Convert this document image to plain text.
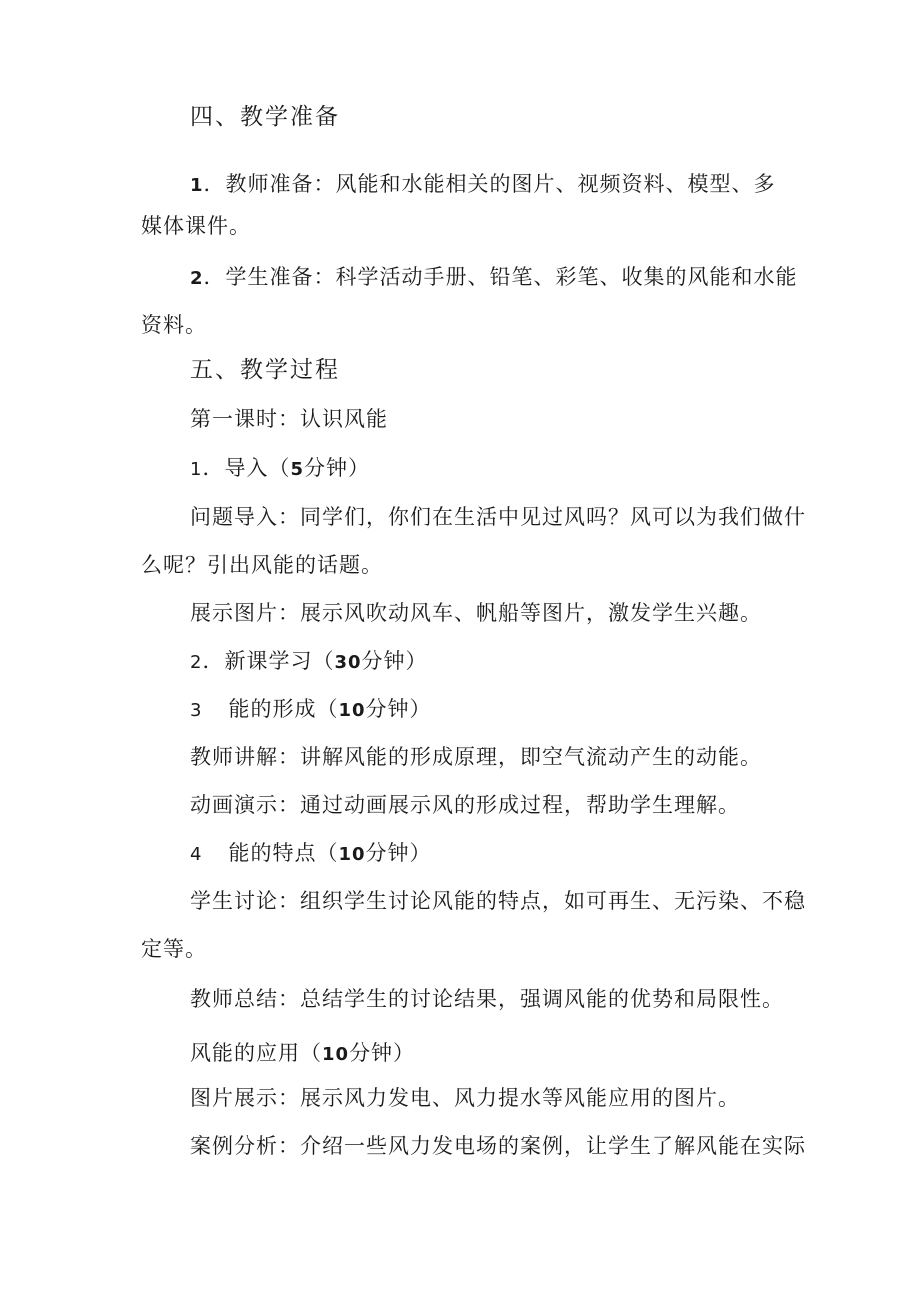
四、教学准备
1．教师准备：风能和水能相关的图片、视频资料、模型、多
媒体课件。
2．学生准备：科学活动手册、铅笔、彩笔、收集的风能和水能
资料。
五、教学过程
第一课时：认识风能
1．导入（5分钟）
问题导入：同学们，你们在生活中见过风吗？风可以为我们做什
么呢？引出风能的话题。
展示图片：展示风吹动风车、帆船等图片，激发学生兴趣。
2．新课学习（30分钟）
3 能的形成（10分钟）
教师讲解：讲解风能的形成原理，即空气流动产生的动能。
动画演示：通过动画展示风的形成过程，帮助学生理解。
4 能的特点（10分钟）
学生讨论：组织学生讨论风能的特点，如可再生、无污染、不稳
定等。
教师总结：总结学生的讨论结果，强调风能的优势和局限性。
风能的应用（10分钟）
图片展示：展示风力发电、风力提水等风能应用的图片。
案例分析：介绍一些风力发电场的案例，让学生了解风能在实际
